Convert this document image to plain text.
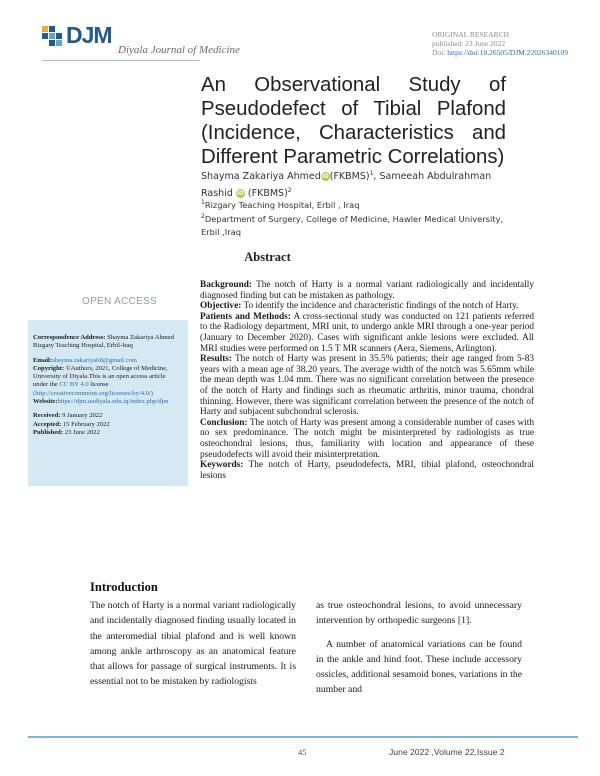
DJM
Diyala Journal of Medicine
ORIGINAL RESEARCH
published: 23 June 2022
Doi: https://doi:10.26505/DJM.22026340109
An Observational Study of
Pseudodefect of Tibial Plafond
(Incidence, Characteristics and
Different Parametric Correlations)
Shayma Zakariya AhmediD(FKBMS)$^1$, Sameeah Abdulrahman Rashid iD (FKBMS)$^2$
$^1$Rizgary Teaching Hospital, Erbil , Iraq
$^2$Department of Surgery, College of Medicine, Hawler Medical University, Erbil ,Iraq
Abstract
OPEN ACCESS
Correspondence Address: Shayma Zakariya Ahmed
Rizgary Teaching Hospital, Erbil-Iraq
Email:shayma.zakariya68@gmail.com
Copyright: ©Authors, 2021, College of Medicine, University of Diyala.This is an open access article under the CC BY 4.0 license
(http://creativecommons.org/licenses/by/4.0/)
Website:https://djm.uodiyala.edu.iq/index.php/djm
Received: 9 January 2022
Accepted: 15 February 2022
Published: 23 June 2022

Background: The notch of Harty is a normal variant radiologically and incidentally diagnosed finding but can be mistaken as pathology.

Objective: To identify the incidence and characteristic findings of the notch of Harty.

Patients and Methods: A cross-sectional study was conducted on 121 patients referred to the Radiology department, MRI unit, to undergo ankle MRI through a one-year period (January to December 2020). Cases with significant ankle lesions were excluded. All MRI studies were performed on 1.5 T MR scanners (Aera, Siemens, Arlington).

Results: The notch of Harty was present in 35.5% patients; their age ranged from 5-83 years with a mean age of 38.20 years. The average width of the notch was 5.65mm while the mean depth was 1.04 mm. There was no significant correlation between the presence of the notch of Harty and findings such as rheumatic arthritis, minor trauma, chondral thinning. However, there was significant correlation between the presence of the notch of Harty and subjacent subchondral sclerosis.

Conclusion: The notch of Harty was present among a considerable number of cases with no sex predominance. The notch might be misinterpreted by radiologists as true osteochondral lesions, thus, familiarity with location and appearance of these pseudodefects will avoid their misinterpretation.

Keywords: The notch of Harty, pseudodefects, MRI, tibial plafond, osteochondral lesions

Introduction

The notch of Harty is a normal variant radiologically and incidentally diagnosed finding usually located in the anteromedial tibial plafond and is well known among ankle arthroscopy as an anatomical feature that allows for passage of surgical instruments. It is essential not to be mistaken by radiologists

as true osteochondral lesions, to avoid unnecessary intervention by orthopedic surgeons [1].

A number of anatomical variations can be found in the ankle and hind foot. These include accessory ossicles, additional sesamoid bones, variations in the number and

45	June 2022 ,Volume 22,Issue 2
